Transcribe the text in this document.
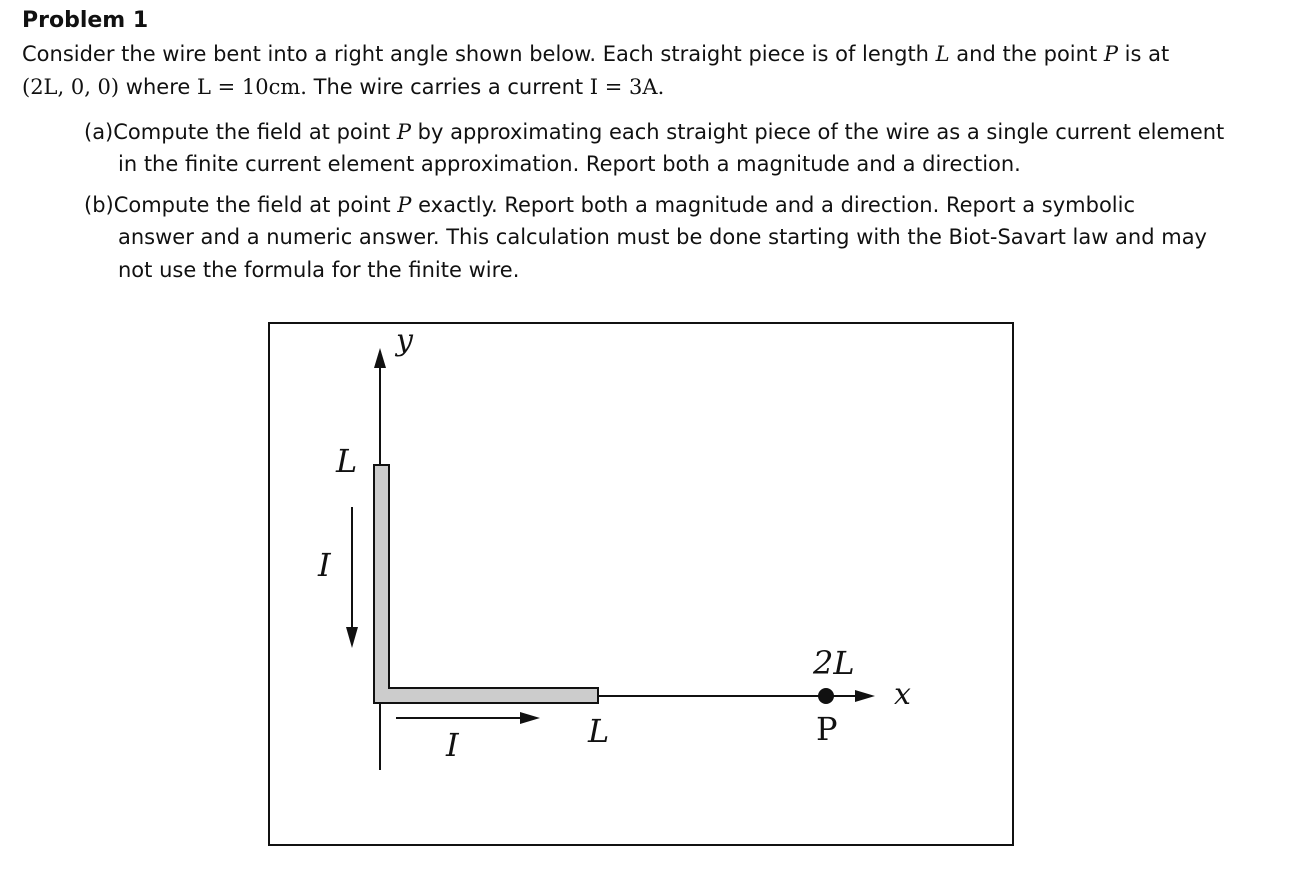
Problem 1
Consider the wire bent into a right angle shown below. Each straight piece is of length L and the point P is at
(2L, 0, 0) where L = 10cm. The wire carries a current I = 3A.
(a)Compute the field at point P by approximating each straight piece of the wire as a single current element
in the finite current element approximation. Report both a magnitude and a direction.
(b)Compute the field at point P exactly. Report both a magnitude and a direction. Report a symbolic
answer and a numeric answer. This calculation must be done starting with the Biot-Savart law and may
not use the formula for the finite wire.
y
x
L
I
I	L
2L
P
